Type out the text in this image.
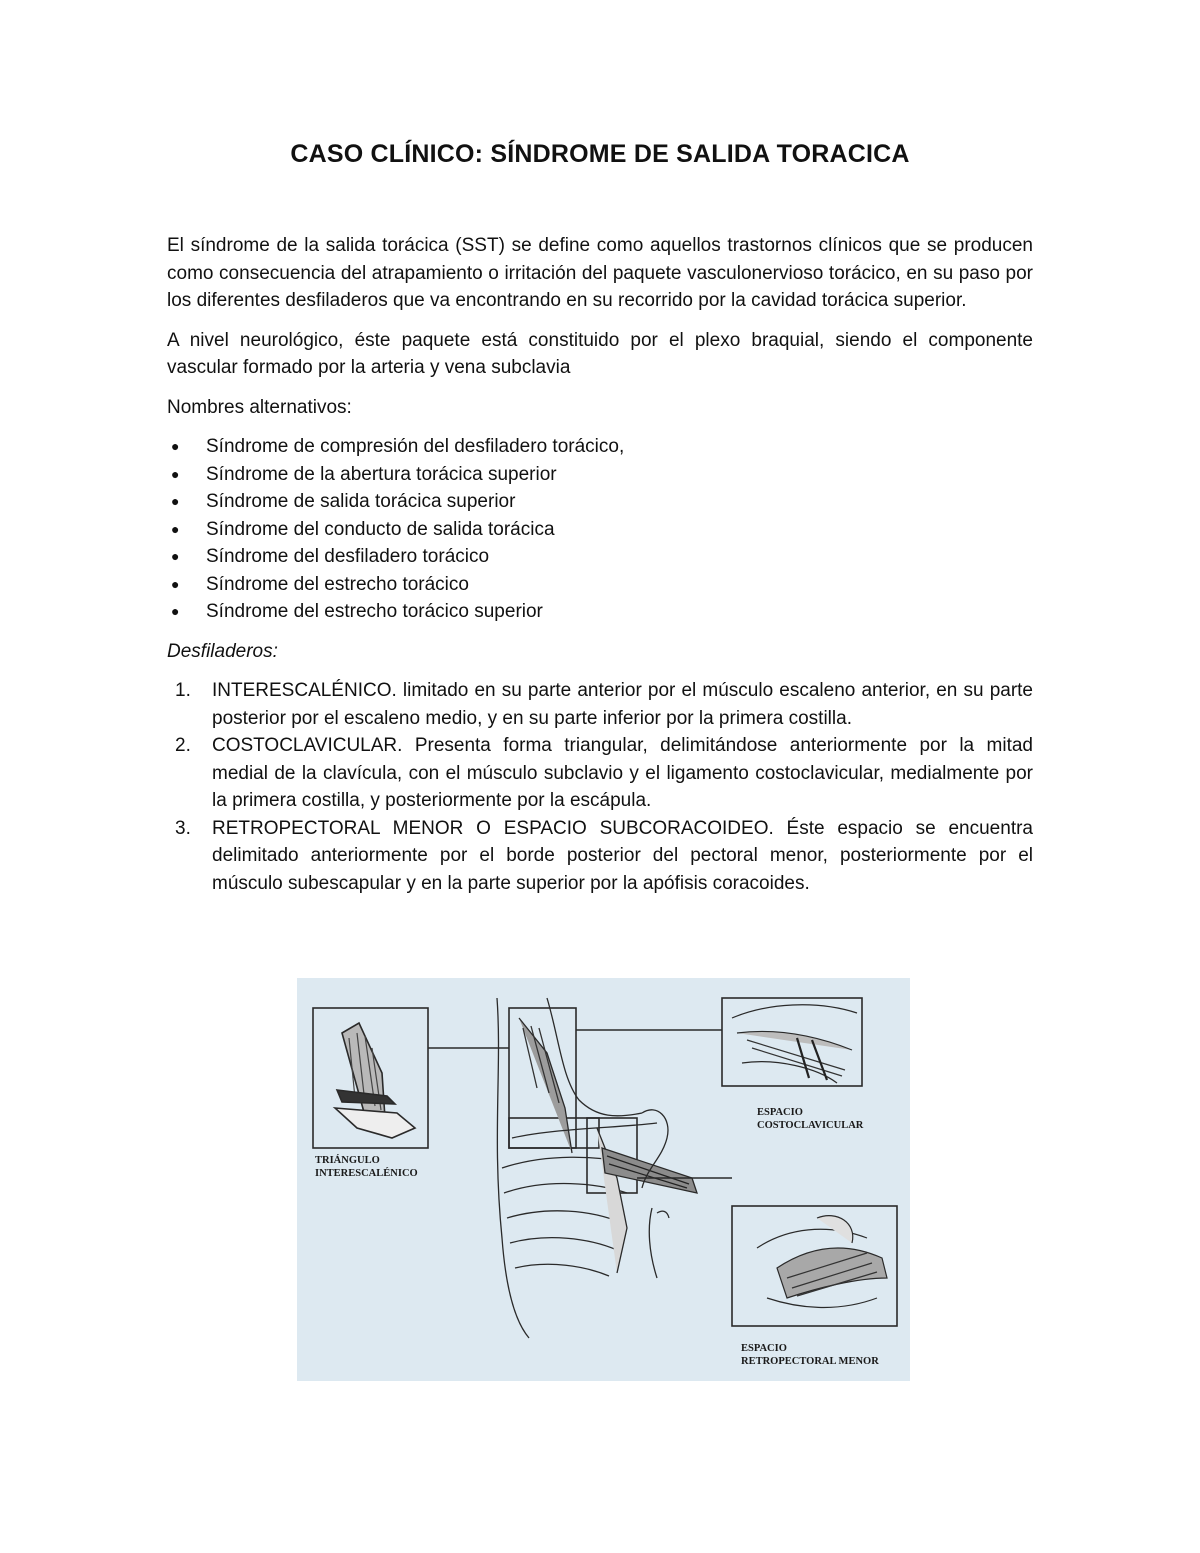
CASO CLÍNICO: SÍNDROME DE SALIDA TORACICA

El síndrome de la salida torácica (SST) se define como aquellos trastornos clínicos que se producen como consecuencia del atrapamiento o irritación del paquete vasculonervioso torácico, en su paso por los diferentes desfiladeros que va encontrando en su recorrido por la cavidad torácica superior.

A nivel neurológico, éste paquete está constituido por el plexo braquial, siendo el componente vascular formado por la arteria y vena subclavia

Nombres alternativos:

● Síndrome de compresión del desfiladero torácico,
● Síndrome de la abertura torácica superior
● Síndrome de salida torácica superior
● Síndrome del conducto de salida torácica
● Síndrome del desfiladero torácico
● Síndrome del estrecho torácico
● Síndrome del estrecho torácico superior

Desfiladeros:

1. INTERESCALÉNICO. limitado en su parte anterior por el músculo escaleno anterior, en su parte posterior por el escaleno medio, y en su parte inferior por la primera costilla.
2. COSTOCLAVICULAR. Presenta forma triangular, delimitándose anteriormente por la mitad medial de la clavícula, con el músculo subclavio y el ligamento costoclavicular, medialmente por la primera costilla, y posteriormente por la escápula.
3. RETROPECTORAL MENOR O ESPACIO SUBCORACOIDEO. Éste espacio se encuentra delimitado anteriormente por el borde posterior del pectoral menor, posteriormente por el músculo subescapular y en la parte superior por la apófisis coracoides.
TRIÁNGULO
INTERESCALÉNICO
ESPACIO
COSTOCLAVICULAR
ESPACIO
RETROPECTORAL MENOR
